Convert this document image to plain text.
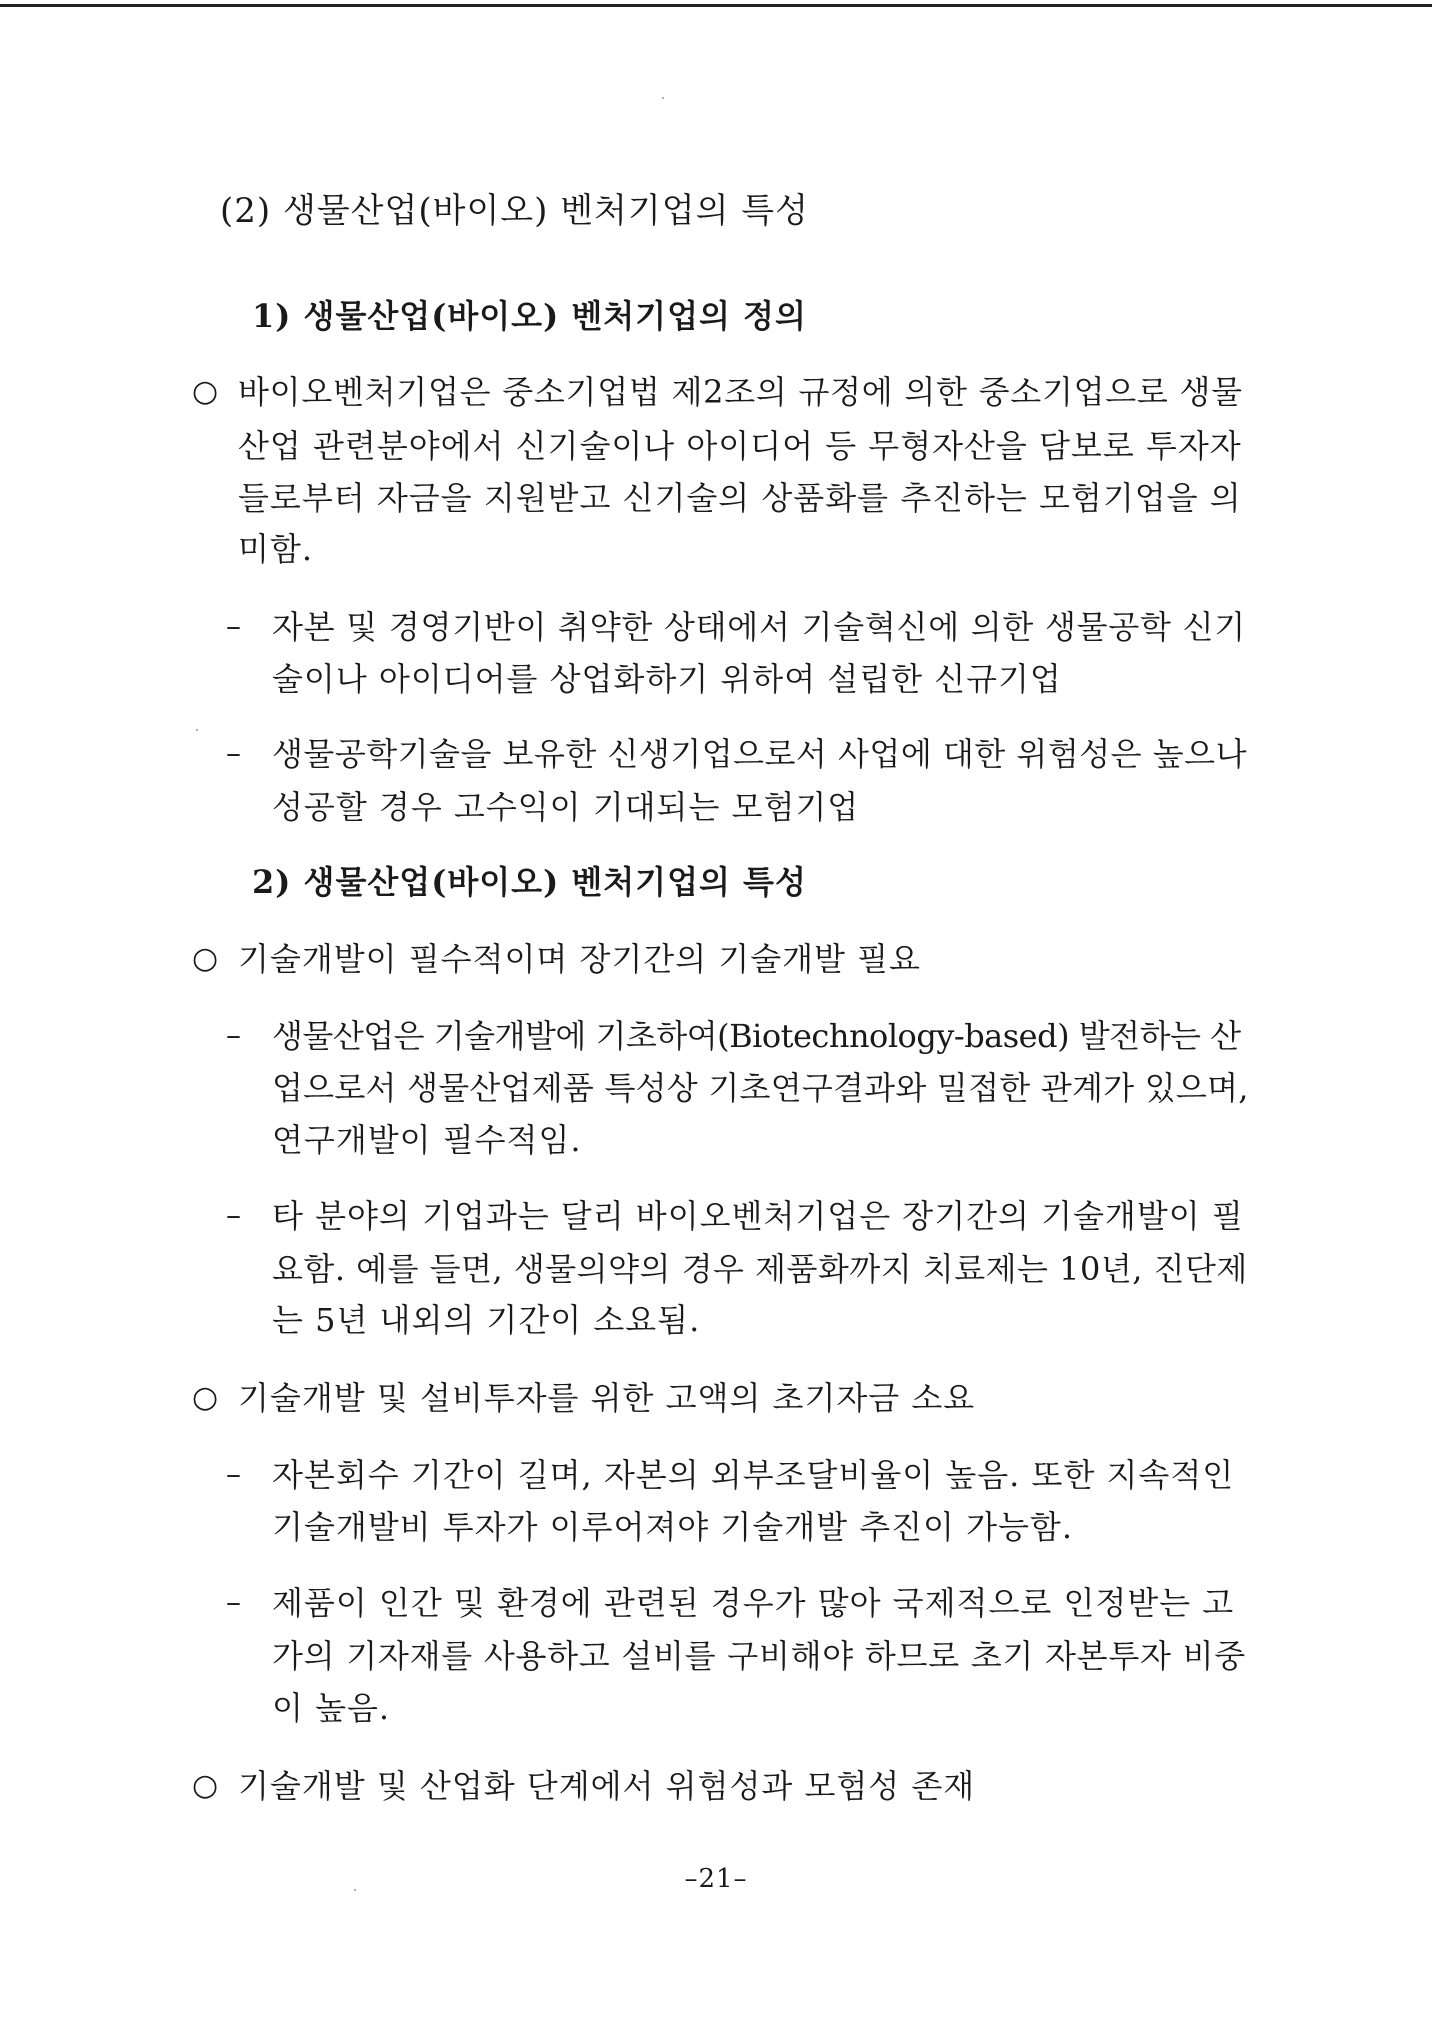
(2) 생물산업(바이오) 벤처기업의 특성
1) 생물산업(바이오) 벤처기업의 정의
○ 바이오벤처기업은 중소기업법 제2조의 규정에 의한 중소기업으로 생물
산업 관련분야에서 신기술이나 아이디어 등 무형자산을 담보로 투자자
들로부터 자금을 지원받고 신기술의 상품화를 추진하는 모험기업을 의
미함.
– 자본 및 경영기반이 취약한 상태에서 기술혁신에 의한 생물공학 신기
술이나 아이디어를 상업화하기 위하여 설립한 신규기업
– 생물공학기술을 보유한 신생기업으로서 사업에 대한 위험성은 높으나
성공할 경우 고수익이 기대되는 모험기업
2) 생물산업(바이오) 벤처기업의 특성
○ 기술개발이 필수적이며 장기간의 기술개발 필요
– 생물산업은 기술개발에 기초하여(Biotechnology-based) 발전하는 산
업으로서 생물산업제품 특성상 기초연구결과와 밀접한 관계가 있으며,
연구개발이 필수적임.
– 타 분야의 기업과는 달리 바이오벤처기업은 장기간의 기술개발이 필
요함. 예를 들면, 생물의약의 경우 제품화까지 치료제는 10년, 진단제
는 5년 내외의 기간이 소요됨.
○ 기술개발 및 설비투자를 위한 고액의 초기자금 소요
– 자본회수 기간이 길며, 자본의 외부조달비율이 높음. 또한 지속적인
기술개발비 투자가 이루어져야 기술개발 추진이 가능함.
– 제품이 인간 및 환경에 관련된 경우가 많아 국제적으로 인정받는 고
가의 기자재를 사용하고 설비를 구비해야 하므로 초기 자본투자 비중
이 높음.
○ 기술개발 및 산업화 단계에서 위험성과 모험성 존재
–21–
